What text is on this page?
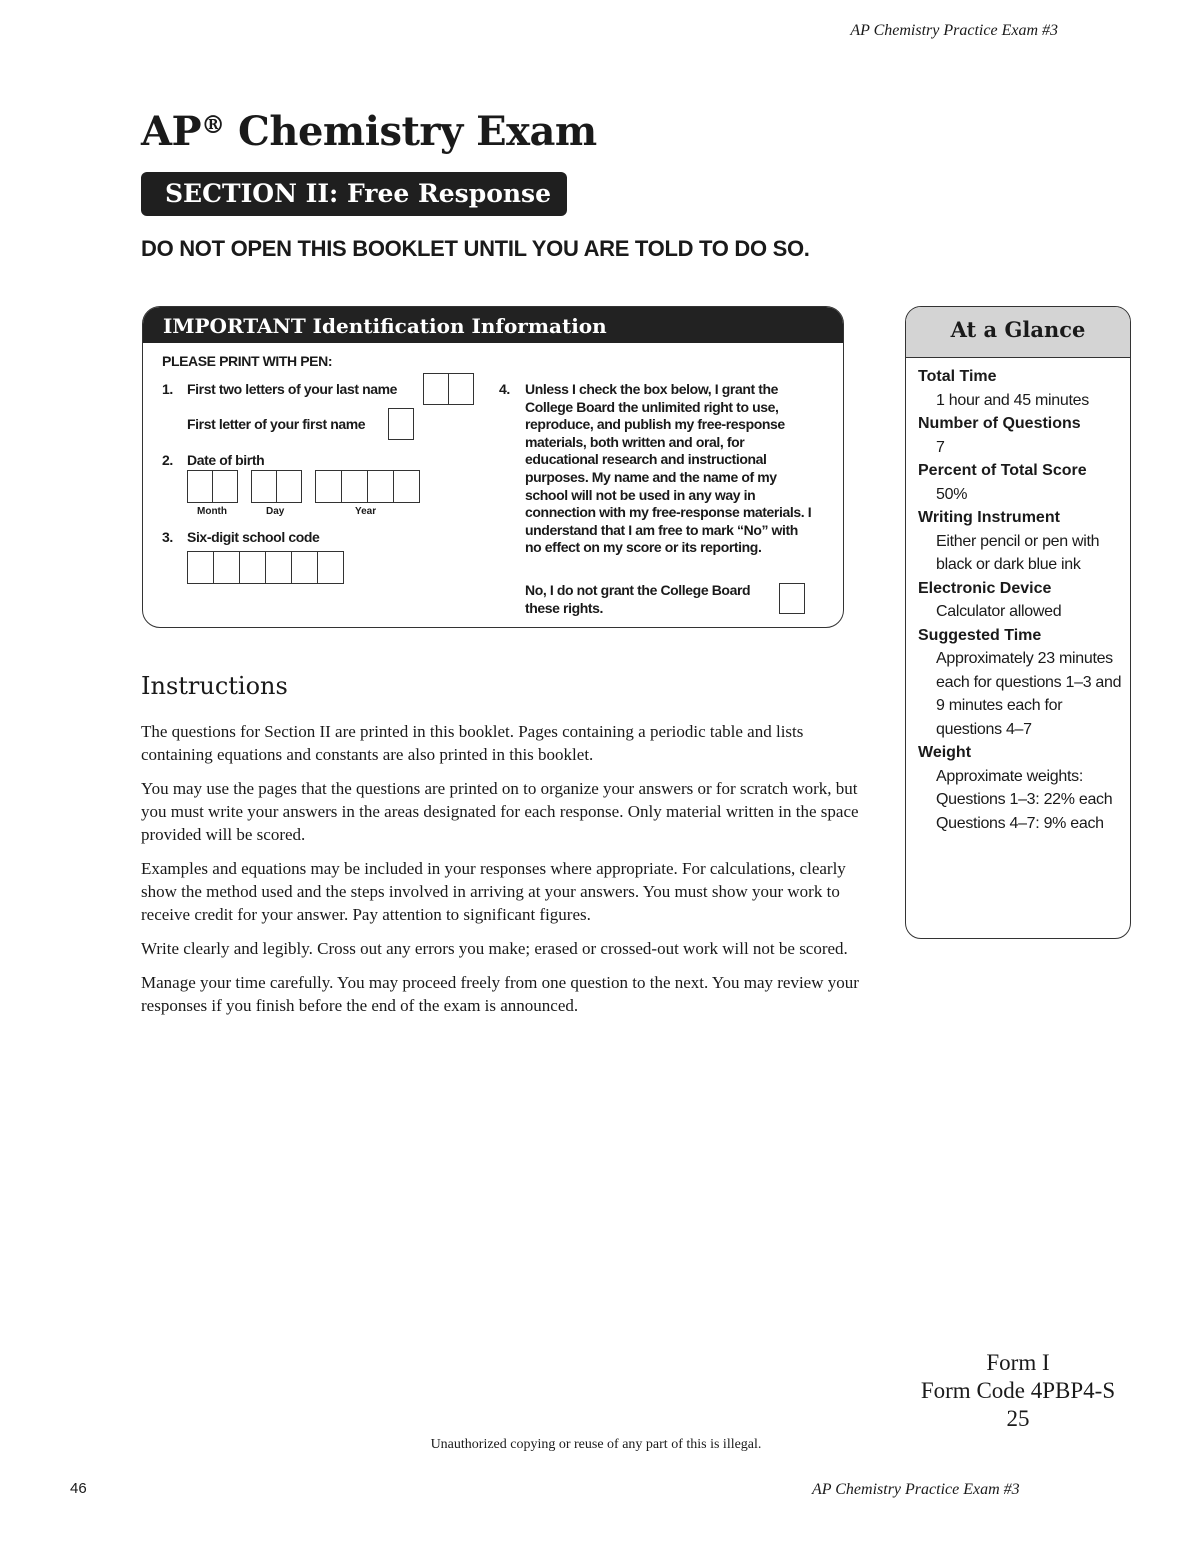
AP Chemistry Practice Exam #3
AP® Chemistry Exam
SECTION II: Free Response
DO NOT OPEN THIS BOOKLET UNTIL YOU ARE TOLD TO DO SO.
IMPORTANT Identification Information
PLEASE PRINT WITH PEN:
1. First two letters of your last name
First letter of your first name
2. Date of birth
Month	Day	Year
3. Six-digit school code
4. Unless I check the box below, I grant the College Board the unlimited right to use, reproduce, and publish my free-response materials, both written and oral, for educational research and instructional purposes. My name and the name of my school will not be used in any way in connection with my free-response materials. I understand that I am free to mark “No” with no effect on my score or its reporting.
No, I do not grant the College Board these rights.
At a Glance
Total Time
1 hour and 45 minutes
Number of Questions
7
Percent of Total Score
50%
Writing Instrument
Either pencil or pen with black or dark blue ink
Electronic Device
Calculator allowed
Suggested Time
Approximately 23 minutes each for questions 1–3 and 9 minutes each for questions 4–7
Weight
Approximate weights: Questions 1–3: 22% each Questions 4–7: 9% each
Instructions

The questions for Section II are printed in this booklet. Pages containing a periodic table and lists containing equations and constants are also printed in this booklet.

You may use the pages that the questions are printed on to organize your answers or for scratch work, but you must write your answers in the areas designated for each response. Only material written in the space provided will be scored.

Examples and equations may be included in your responses where appropriate. For calculations, clearly show the method used and the steps involved in arriving at your answers. You must show your work to receive credit for your answer. Pay attention to significant figures.

Write clearly and legibly. Cross out any errors you make; erased or crossed-out work will not be scored.

Manage your time carefully. You may proceed freely from one question to the next. You may review your responses if you finish before the end of the exam is announced.

Form I
Form Code 4PBP4-S
25
Unauthorized copying or reuse of any part of this is illegal.
46	AP Chemistry Practice Exam #3
